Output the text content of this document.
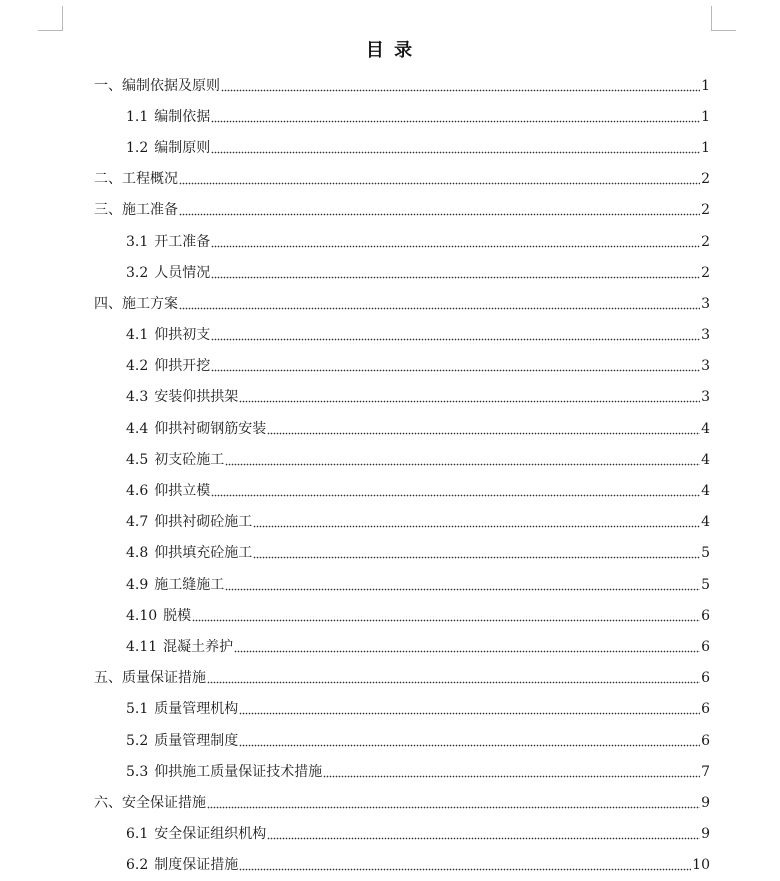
目 录
一、编制依据及原则	1
1.1 编制依据	1
1.2 编制原则	1
二、工程概况	2
三、施工准备	2
3.1 开工准备	2
3.2 人员情况	2
四、施工方案	3
4.1 仰拱初支	3
4.2 仰拱开挖	3
4.3 安装仰拱拱架	3
4.4 仰拱衬砌钢筋安装	4
4.5 初支砼施工	4
4.6 仰拱立模	4
4.7 仰拱衬砌砼施工	4
4.8 仰拱填充砼施工	5
4.9 施工缝施工	5
4.10 脱模	6
4.11 混凝土养护	6
五、质量保证措施	6
5.1 质量管理机构	6
5.2 质量管理制度	6
5.3 仰拱施工质量保证技术措施	7
六、安全保证措施	9
6.1 安全保证组织机构	9
6.2 制度保证措施	10
